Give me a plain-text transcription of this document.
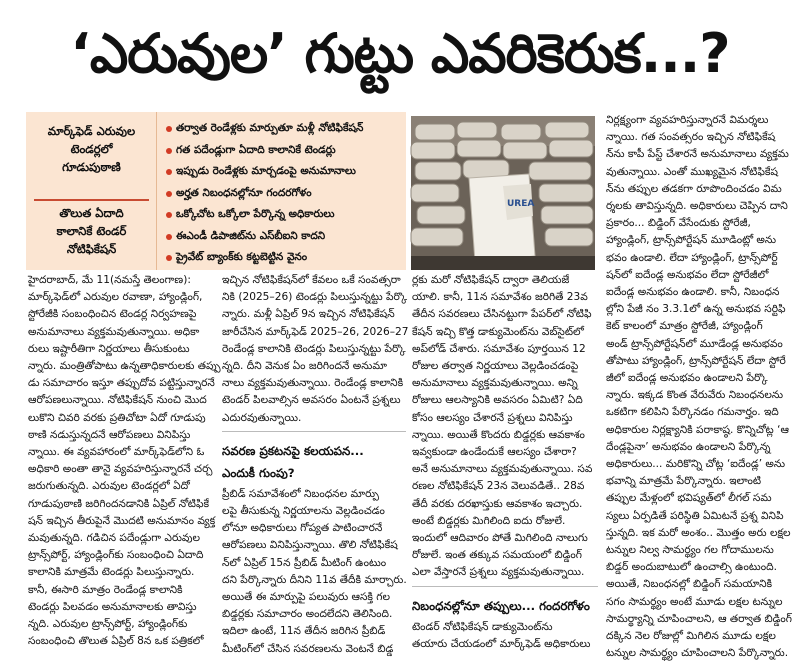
‘ఎరువుల’ గుట్టు ఎవరికెరుక...?
మార్క్‌ఫెడ్ ఎరువుల
టెండర్లలో
గూడుపుఠాణి
తొలుత ఏదాది
కాలానికే టెండర్
నోటిఫికేషన్
తర్వాత రెండేళ్లకు మార్పుతూ మళ్లీ నోటిఫికేషన్
గత పదేండ్లుగా ఏదాది కాలానికే టెండర్లు
ఇప్పుడు రెండేళ్లకు మార్చడంపై అనుమానాలు
అర్హత నిబంధనల్లోనూ గందరగోళం
ఒక్కోచోట ఒక్కోలా పేర్కొన్న అధికారులు
ఈఎండీ డిపాజిట్‌ను ఎస్‌బీఐని కాదని
ప్రైవేట్ బ్యాంక్‌కు కట్టబెట్టిన వైనం
UREA
హైదరాబాద్, మే 11(నమస్తే తెలంగాణ):
మార్క్‌ఫెడ్‌లో ఎరువుల రవాణా, హ్యాండ్లింగ్,
స్టోరేజీకి సంబంధించిన టెండర్ల నిర్వహణపై
అనుమానాలు వ్యక్తమవుతున్నాయి. అధికా
రులు ఇష్టారీతిగా నిర్ణయాలు తీసుకుంటు
న్నారు. మంత్రితోపాటు ఉన్నతాధికారులకు తప్పు
డు సమాచారం ఇస్తూ తప్పుదోవ పట్టిస్తున్నారనే
ఆరోపణలున్నాయి. నోటిఫికేషన్ నుంచి మొద
లుకొని చివరి వరకు ప్రతిచోటా ఏదో గూడుపు
ఠాణి నడుస్తున్నదనే ఆరోపణలు వినిపిస్తు
న్నాయి. ఈ వ్యవహారంలో మార్క్‌ఫెడ్‌లోని ఓ
అధికారి అంతా తానై వ్యవహరిస్తున్నారనే చర్చ
జరుగుతున్నది. ఎరువుల టెండర్లలో ఏదో
గూడుపుఠాణి జరిగిందనడానికి ఏప్రిల్ నోటిఫికే
షన్ ఇచ్చిన తీరుపైనే మొదటి అనుమానం వ్యక్త
మవుతున్నది. గడిచిన పదేండ్లుగా ఎరువుల
ట్రాన్స్‌పోర్ట్, హ్యాండ్లింగ్‌కు సంబంధించి ఏదాది
కాలానికి మాత్రమే టెండర్లు పిలుస్తున్నారు.
కానీ, ఈసారి మాత్రం రెండేండ్ల కాలానికి
టెండర్లు పిలవడం అనుమానాలకు తావిస్తు
న్నది. ఎరువుల ట్రాన్స్‌పోర్ట్, హ్యాండ్లింగ్‌కు
సంబంధించి తొలుత ఏప్రిల్ 8న ఒక పత్రికలో
ఇచ్చిన నోటిఫికేషన్‌లో కేవలం ఒకే సంవత్సరా
నికి (2025–26) టెండర్లు పిలుస్తున్నట్టు పేర్కొ
న్నారు. మళ్లీ ఏప్రిల్ 9న ఇచ్చిన నోటిఫికేషన్
జారీచేసిన మార్క్‌ఫెడ్ 2025–26, 2026–27
రెండేండ్ల కాలానికి టెండర్లు పిలుస్తున్నట్టు పేర్కొ
న్నది. దీని వెనుక ఏం జరిగిందనే అనుమా
నాలు వ్యక్తమవుతున్నాయి. రెండేండ్ల కాలానికి
టెండర్ పిలవాల్సిన అవసరం ఏంటనే ప్రశ్నలు
ఎదురవుతున్నాయి.
సవరణ ప్రకటనపై కలయపన...
ఎందుకీ గుంపు?
ప్రీబిడ్ సమావేశంలో నిబంధనల మార్పు
లపై తీసుకున్న నిర్ణయాలను వెల్లడించడం
లోనూ అధికారులు గోప్యత పాటించారనే
ఆరోపణలు వినిపిస్తున్నాయి. తొలి నోటిఫికేష
న్‌లో ఏప్రిల్ 15న ప్రీబిడ్ మీటింగ్ ఉంటుం
దని పేర్కొన్నారు దీనిని 11వ తేదీకి మార్చారు.
అయితే ఈ మార్పుపై పలువురు ఆసక్తి గల
బిడ్డర్లకు సమాచారం అందలేదని తెలిసింది.
ఇదిలా ఉంటే, 11న తేదీన జరిగిన ప్రీబిడ్
మీటింగ్‌లో చేసిన సవరణలను వెంటనే బిడ్డ
ర్లకు మరో నోటిఫికేషన్ ద్వారా తెలియజే
యాలి. కానీ, 11న సమావేశం జరిగితే 23వ
తేదీన సవరణలు చేసినట్టుగా పేపర్‌లో నోటిఫి
కేషన్ ఇచ్చి కొత్త డాక్యుమెంట్‌ను వెబ్‌సైట్‌లో
అప్‌లోడ్ చేశారు. సమావేశం పూర్తయిన 12
రోజుల తర్వాత నిర్ణయాలు వెల్లడించడంపై
అనుమానాలు వ్యక్తమవుతున్నాయి. అన్ని
రోజులు ఆలస్యానికి అవసరం ఏమిటి? ఏది
కోసం ఆలస్యం చేశారనే ప్రశ్నలు వినిపిస్తు
న్నాయి. అయితే కొందరు బిడ్డర్లకు ఆవకాశం
ఇవ్వకుండా ఉండేందుకే ఆలస్యం చేశారా?
అనే అనుమానాలు వ్యక్తమవుతున్నాయి. సవ
రణల నోటిఫికేషన్ 23న వెలువడితే.. 28వ
తేదీ వరకు దరఖాస్తుకు ఆవకాశం ఇచ్చారు.
అంటే బిడ్డర్లకు మిగిలింది ఐదు రోజులే.
ఇందులో ఆదివారం పోతే మిగిలింది నాలుగు
రోజులే. ఇంత తక్కువ సమయంలో బిడ్డింగ్
ఎలా వేస్తారనే ప్రశ్నలు వ్యక్తమవుతున్నాయి.
నిబంధనల్లోనూ తప్పులు... గందరగోళం
టెండర్ నోటిఫికేషన్ డాక్యుమెంట్‌ను
తయారు చేయడంలో మార్క్‌ఫెడ్ అధికారులు
నిర్లక్ష్యంగా వ్యవహరిస్తున్నారనే విమర్శలు
న్నాయి. గత సంవత్సరం ఇచ్చిన నోటిఫికేష
న్‌ను కాపీ పేస్ట్ చేశారనే అనుమానాలు వ్యక్తమ
వుతున్నాయి. ఎంతో ముఖ్యమైన నోటిఫికేష
న్‌ను తప్పుల తడకగా రూపొందించడం విమ
ర్శలకు తావిస్తున్నది. అధికారులు చెప్పిన దాని
ప్రకారం... బిడ్డింగ్ వేసేందుకు స్టోరేజీ,
హ్యాండ్లింగ్, ట్రాన్స్‌పోర్టేషన్ మూడింట్లో అను
భవం ఉండాలి. లేదా హ్యాండ్లింగ్, ట్రాన్స్‌పోర్ట్
షన్‌లో ఐదేండ్ల అనుభవం లేదా స్టోరేజీలో
ఐదేండ్ల అనుభవం ఉండాలి. కానీ, నిబంధన
ల్లోని పేజీ నం 3.3.1లో ఉన్న అనుభవ సర్టిఫి
కెట్ కాలంలో మాత్రం స్టోరేజీ, హ్యాండ్లింగ్
అండ్ ట్రాన్స్‌పోర్టేషన్‌లో మూడేండ్ల అనుభవం
తోపాటు హ్యాండ్లింగ్, ట్రాన్స్‌పోర్టేషన్ లేదా స్టోరే
జీలో ఐదేండ్ల అనుభవం ఉండాలని పేర్కొ
న్నారు. ఇక్కడ కొంత వేరువేరు నిబంధనలను
ఒకటిగా కలిపిని పేర్కొనడం గమనార్హం. ఇది
అధికారుల నిర్లక్ష్యానికి పరాకాష్ఠ. కొన్నిచోట్ల ‘ఆ
దేండ్లపైనా’ అనుభవం ఉండాలని పేర్కొన్న
అధికారులు... మరికొన్ని చోట్ల ‘ఐదేండ్ల’ అను
భవాన్ని మాత్రమే పేర్కొన్నారు. ఇలాంటి
తప్పుల మేళ్లంలో భవిష్యత్‌లో లీగల్ సమ
స్యలు ఏర్పడితే పరిస్థితి ఏమిటనే ప్రశ్న వినిపి
స్తున్నది. ఇక మరో అంశం.. మొత్తం అరు లక్షల
టన్నుల నిల్వ సామర్థ్యం గల గోదాములను
బిడ్డర్ అందుబాటులో ఉంచాల్సి ఉంటుంది.
అయితే, నిబంధనల్లో బిడ్డింగ్ సమయానికి
సగం సామర్థ్యం అంటే మూడు లక్షల టన్నుల
సామర్థ్యాన్ని చూపించాలని, ఆ తర్వాత బిడ్డింగ్
దక్కిన నెల రోజుల్లో మిగిలిన మూడు లక్షల
టన్నుల సామర్థ్యం చూపించాలని పేర్కొన్నారు.
